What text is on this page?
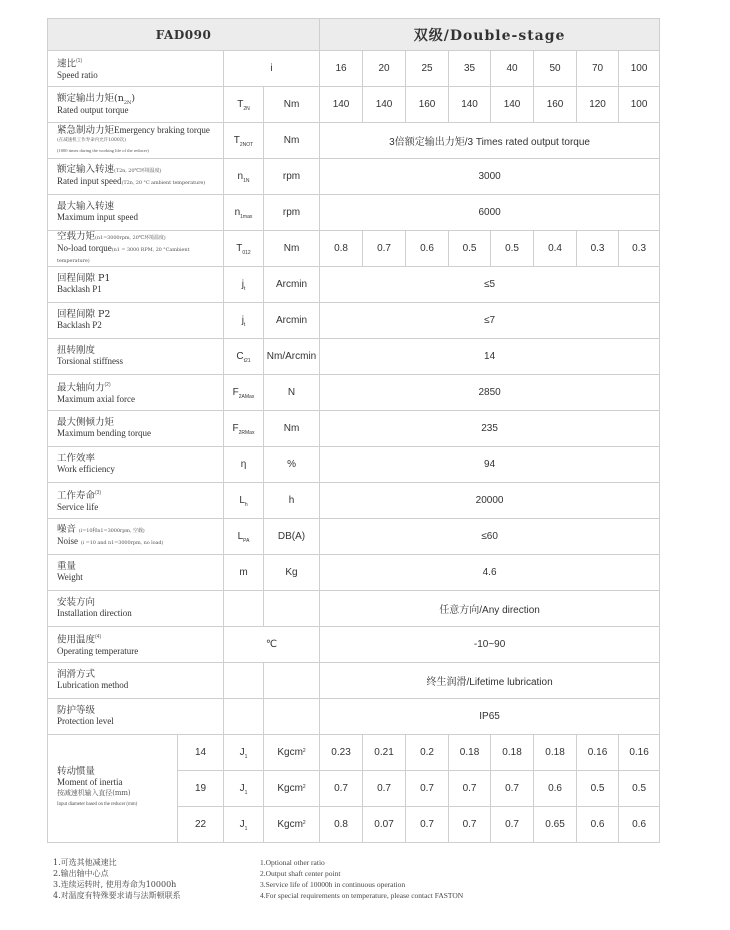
FAD090				双级/Double-stage							
速比$^{(1)}$
Speed ratio		i		16	20	25	35	40	50	70	100
额定输出力矩$(n_{2N})$
Rated output torque		$T_{2N}$	Nm	140	140	160	140	140	160	120	100
紧急制动力矩Emergency braking torque
(在减速机工作寿命内允许1000次)
(1000 times during the working life of the reducer)		$T_{2NOT}$	Nm	3倍额定输出力矩/3 Times rated output torque							
额定输入转速(T2n, 20℃环境温度)
Rated input speed(T2n, 20 °C ambient temperature)		$n_{1N}$	rpm	3000							
最大输入转速
Maximum input speed		$n_{1max}$	rpm	6000							
空载力矩(n1=3000rpm, 20℃环境温度)
No-load torque(n1 = 3000 RPM, 20 °Cambient temperature)		$T_{012}$	Nm	0.8	0.7	0.6	0.5	0.5	0.4	0.3	0.3
回程间隙 P1
Backlash P1		$j_t$	Arcmin	≤5							
回程间隙 P2
Backlash P2		$j_t$	Arcmin	≤7							
扭转刚度
Torsional stiffness		$C_{t21}$	Nm/Arcmin	14							
最大轴向力$^{(2)}$
Maximum axial force		$F_{2AMax}$	N	2850							
最大侧倾力矩
Maximum bending torque		$F_{2RMax}$	Nm	235							
工作效率
Work efficiency		η	%	94							
工作寿命$^{(3)}$
Service life		$L_h$	h	20000							
噪音 (i=10和n1=3000rpm, 空载)
Noise (i =10 and n1=3000rpm, no load)		$L_{PA}$	DB(A)	≤60							
重量
Weight		m	Kg	4.6							
安装方向
Installation direction				任意方向/Any direction							
使用温度$^{(4)}$
Operating temperature		℃		-10~90							
润滑方式
Lubrication method				终生润滑/Lifetime lubrication							
防护等级
Protection level				IP65							
转动惯量
Moment of inertia
按减速机输入直径(mm)
Input diameter based on the reducer (mm)	14	$J_1$	Kgcm$^2$	0.23	0.21	0.2	0.18	0.18	0.18	0.16	0.16
	19	$J_1$	Kgcm$^2$	0.7	0.7	0.7	0.7	0.7	0.6	0.5	0.5
	22	$J_1$	Kgcm$^2$	0.8	0.07	0.7	0.7	0.7	0.65	0.6	0.6
1.可选其他减速比
2.输出轴中心点
3.连续运转时, 使用寿命为10000h
4.对温度有特殊要求请与法斯顿联系
1.Optional other ratio
2.Output shaft center point
3.Service life of 10000h in continuous operation
4.For special requirements on temperature, please contact FASTON
